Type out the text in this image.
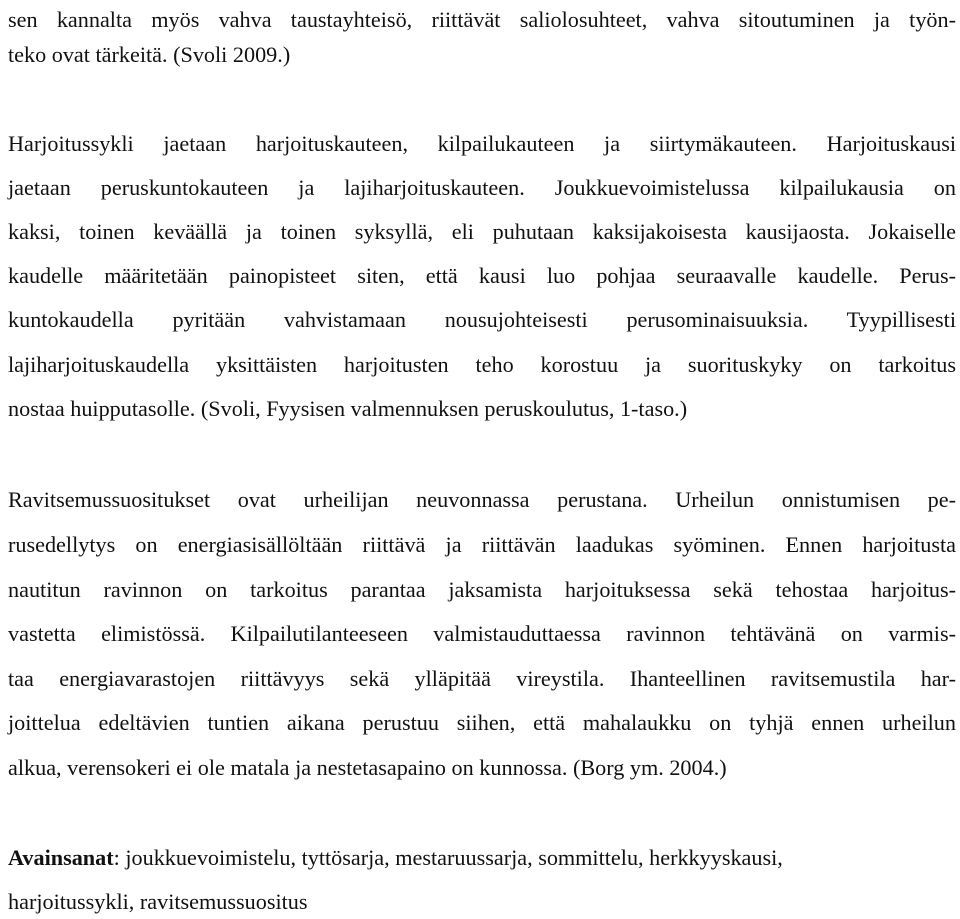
sen kannalta myös vahva taustayhteisö, riittävät saliolosuhteet, vahva sitoutuminen ja työn-
teko ovat tärkeitä. (Svoli 2009.)
Harjoitussykli jaetaan harjoituskauteen, kilpailukauteen ja siirtymäkauteen. Harjoituskausi
jaetaan peruskuntokauteen ja lajiharjoituskauteen. Joukkuevoimistelussa kilpailukausia on
kaksi, toinen keväällä ja toinen syksyllä, eli puhutaan kaksijakoisesta kausijaosta. Jokaiselle
kaudelle määritetään painopisteet siten, että kausi luo pohjaa seuraavalle kaudelle. Perus-
kuntokaudella pyritään vahvistamaan nousujohteisesti perusominaisuuksia. Tyypillisesti
lajiharjoituskaudella yksittäisten harjoitusten teho korostuu ja suorituskyky on tarkoitus
nostaa huipputasolle. (Svoli, Fyysisen valmennuksen peruskoulutus, 1-taso.)
Ravitsemussuositukset ovat urheilijan neuvonnassa perustana. Urheilun onnistumisen pe-
rusedellytys on energiasisällöltään riittävä ja riittävän laadukas syöminen. Ennen harjoitusta
nautitun ravinnon on tarkoitus parantaa jaksamista harjoituksessa sekä tehostaa harjoitus-
vastetta elimistössä. Kilpailutilanteeseen valmistauduttaessa ravinnon tehtävänä on varmis-
taa energiavarastojen riittävyys sekä ylläpitää vireystila. Ihanteellinen ravitsemustila har-
joittelua edeltävien tuntien aikana perustuu siihen, että mahalaukku on tyhjä ennen urheilun
alkua, verensokeri ei ole matala ja nestetasapaino on kunnossa. (Borg ym. 2004.)
Avainsanat: joukkuevoimistelu, tyttösarja, mestaruussarja, sommittelu, herkkyyskausi,
harjoitussykli, ravitsemussuositus
